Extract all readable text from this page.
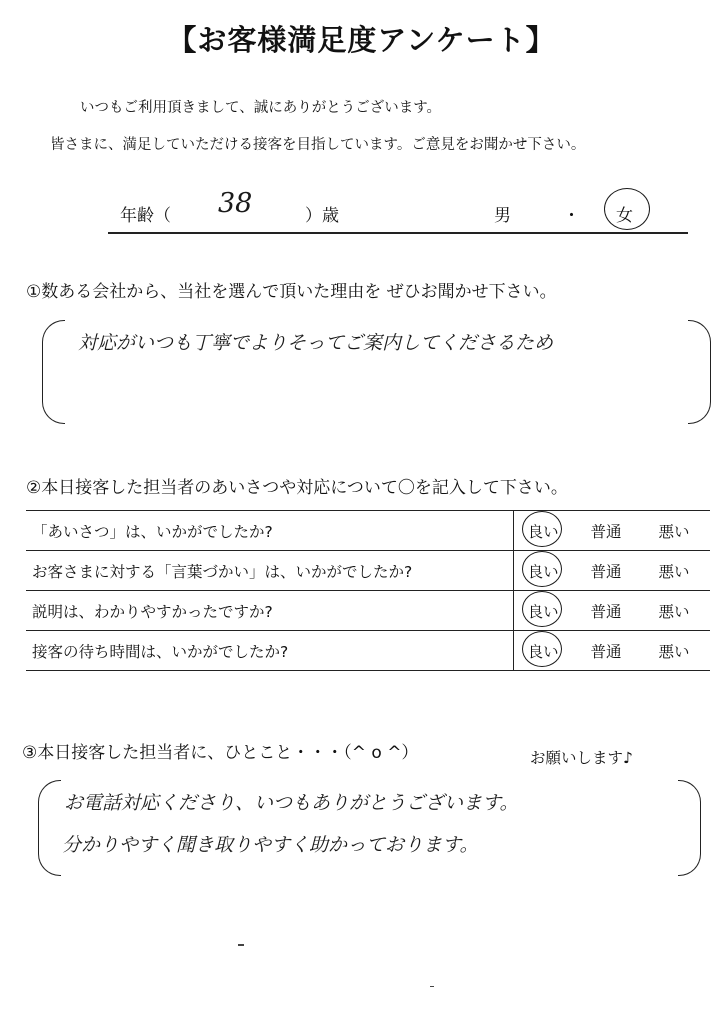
【お客様満足度アンケート】
いつもご利用頂きまして、誠にありがとうございます。
皆さまに、満足していただける接客を目指しています。ご意見をお聞かせ下さい。
年齢（ 38	）歳	男	・ 女
①数ある会社から、当社を選んで頂いた理由を ぜひお聞かせ下さい。
対応がいつも丁寧でよりそってご案内してくださるため
②本日接客した担当者のあいさつや対応について〇を記入して下さい。
「あいさつ」は、いかがでしたか?	良い 普通 悪い
お客さまに対する「言葉づかい」は、いかがでしたか?	良い 普通 悪い
説明は、わかりやすかったですか?	良い 普通 悪い
接客の待ち時間は、いかがでしたか?	良い 普通 悪い
③本日接客した担当者に、ひとこと・・・（^ o ^）	お願いします♪
お電話対応くださり、いつもありがとうございます。
分かりやすく聞き取りやすく助かっております。
